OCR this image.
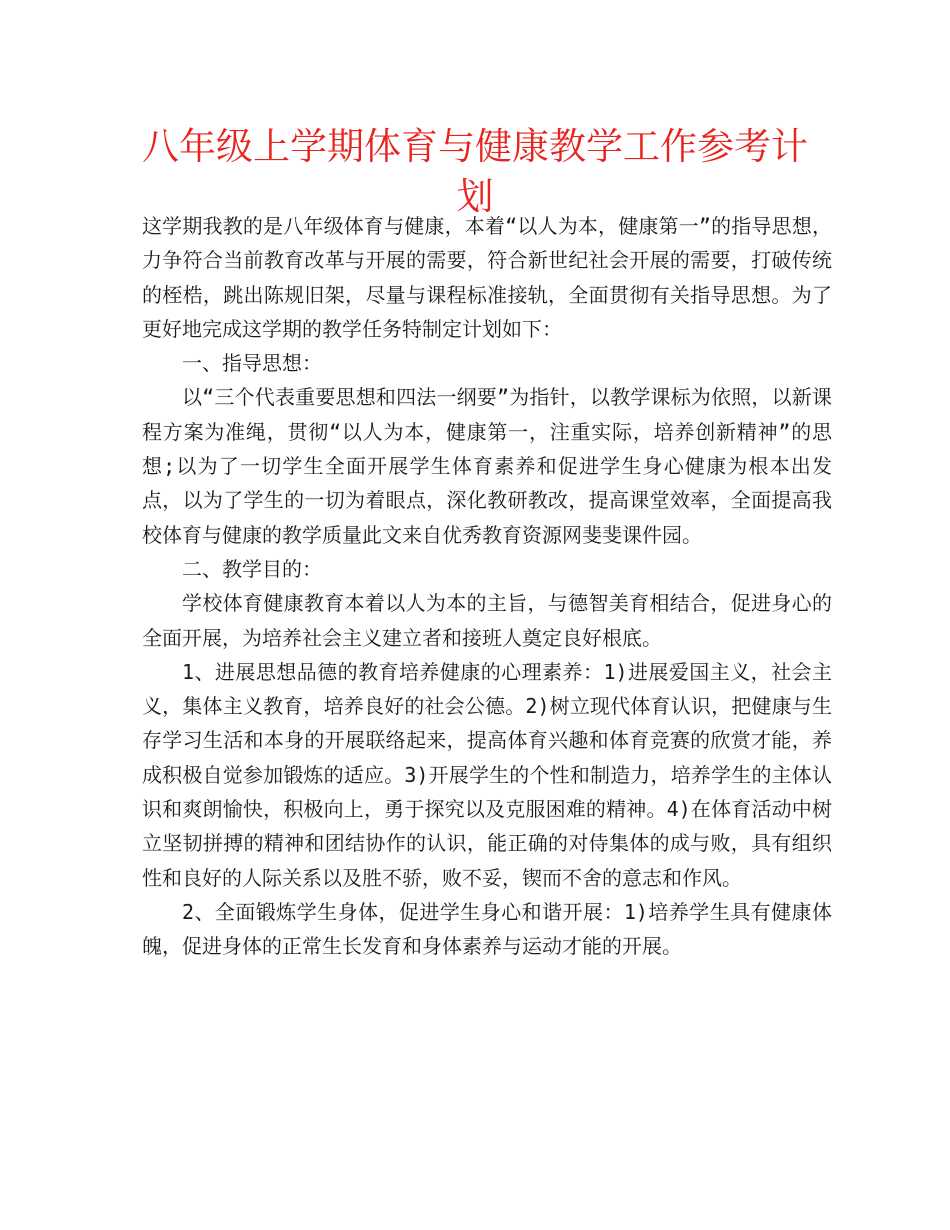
八年级上学期体育与健康教学工作参考计划

这学期我教的是八年级体育与健康，本着“以人为本，健康第一”的指导思想，力争符合当前教育改革与开展的需要，符合新世纪社会开展的需要，打破传统的桎梏，跳出陈规旧架，尽量与课程标准接轨，全面贯彻有关指导思想。为了更好地完成这学期的教学任务特制定计划如下：

一、指导思想：

以“三个代表重要思想和四法一纲要”为指针，以教学课标为依照，以新课程方案为准绳，贯彻“以人为本，健康第一，注重实际，培养创新精神”的思想;以为了一切学生全面开展学生体育素养和促进学生身心健康为根本出发点，以为了学生的一切为着眼点，深化教研教改，提高课堂效率，全面提高我校体育与健康的教学质量此文来自优秀教育资源网斐斐课件园。

二、教学目的：

学校体育健康教育本着以人为本的主旨，与德智美育相结合，促进身心的全面开展，为培养社会主义建立者和接班人奠定良好根底。

1、进展思想品德的教育培养健康的心理素养：1)进展爱国主义，社会主义，集体主义教育，培养良好的社会公德。2)树立现代体育认识，把健康与生存学习生活和本身的开展联络起来，提高体育兴趣和体育竞赛的欣赏才能，养成积极自觉参加锻炼的适应。3)开展学生的个性和制造力，培养学生的主体认识和爽朗愉快，积极向上，勇于探究以及克服困难的精神。4)在体育活动中树立坚韧拼搏的精神和团结协作的认识，能正确的对侍集体的成与败，具有组织性和良好的人际关系以及胜不骄，败不妥，锲而不舍的意志和作风。

2、全面锻炼学生身体，促进学生身心和谐开展：1)培养学生具有健康体魄，促进身体的正常生长发育和身体素养与运动才能的开展。
